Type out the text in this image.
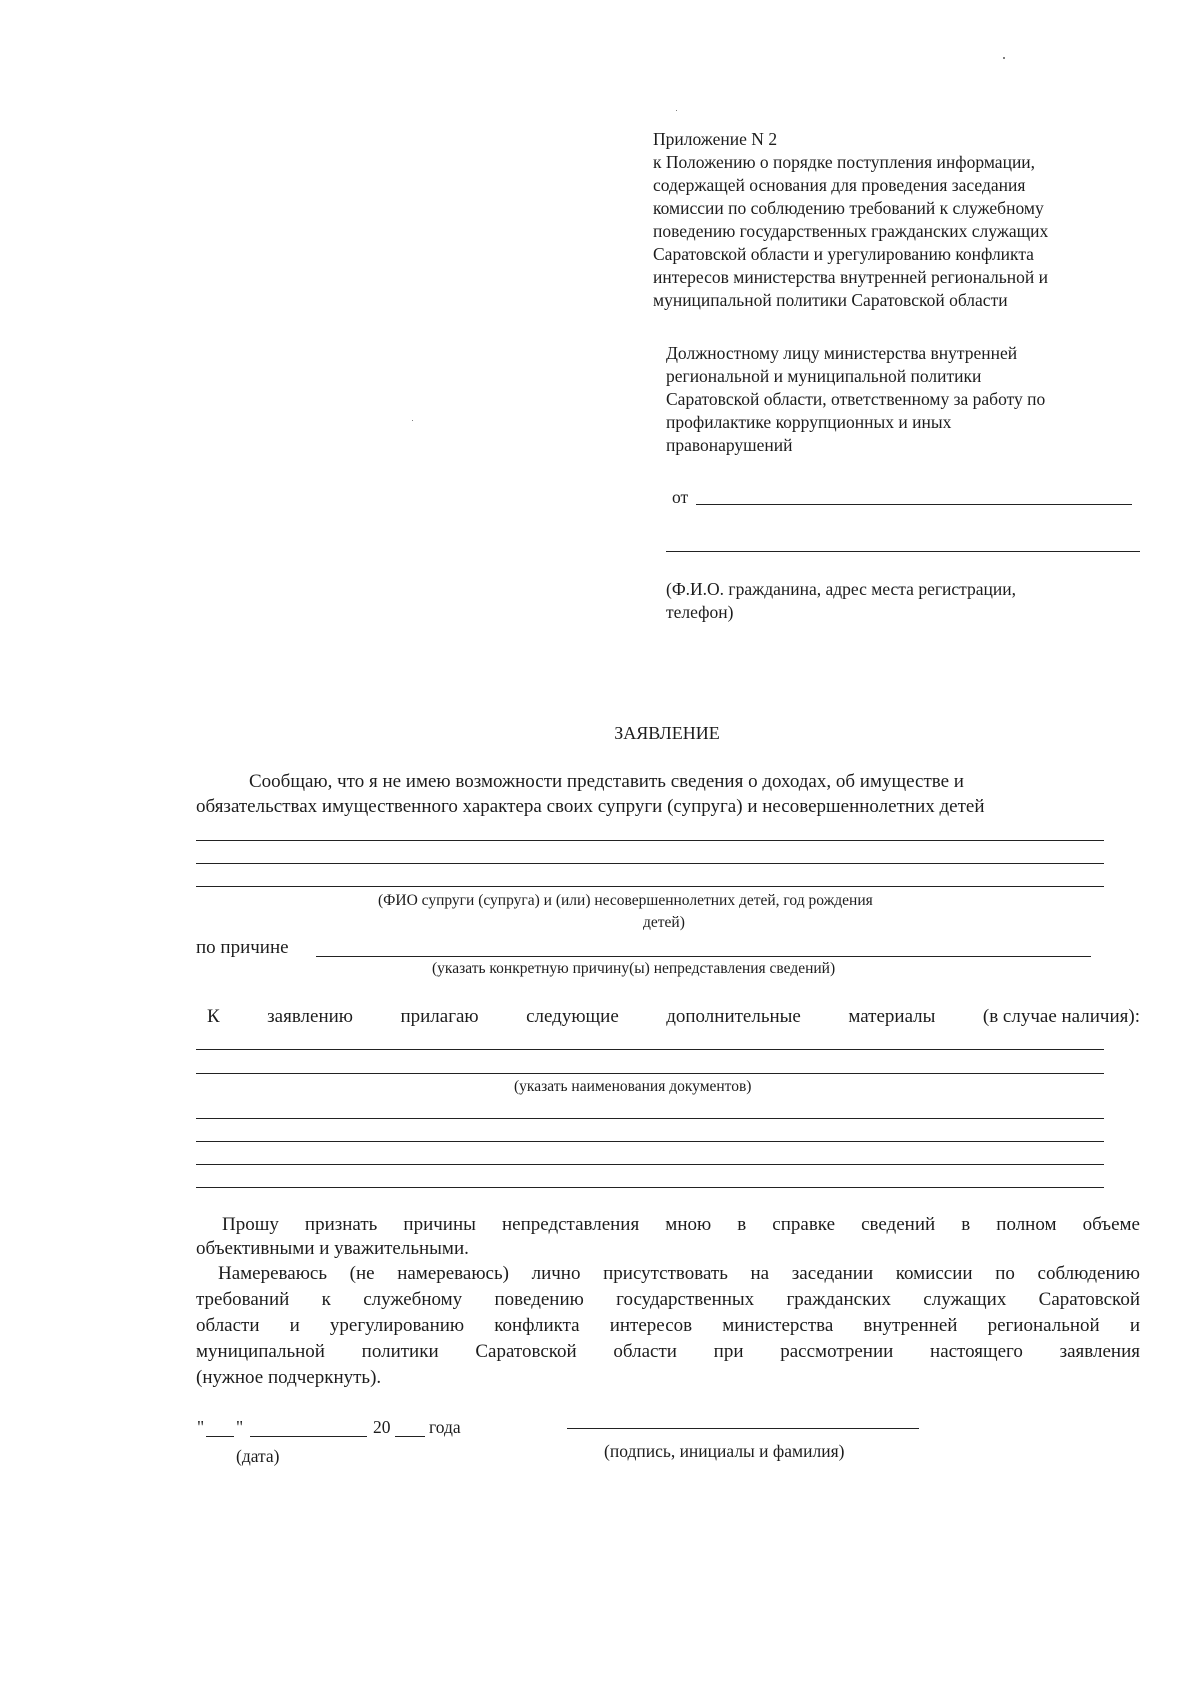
Приложение N 2
к Положению о порядке поступления информации,
содержащей основания для проведения заседания
комиссии по соблюдению требований к служебному
поведению государственных гражданских служащих
Саратовской области и урегулированию конфликта
интересов министерства внутренней региональной и
муниципальной политики Саратовской области
Должностному лицу министерства внутренней
региональной и муниципальной политики
Саратовской области, ответственному за работу по
профилактике коррупционных и иных
правонарушений
от
(Ф.И.О. гражданина, адрес места регистрации,
телефон)
ЗАЯВЛЕНИЕ
Сообщаю, что я не имею возможности представить сведения о доходах, об имуществе и
обязательствах имущественного характера своих супруги (супруга) и несовершеннолетних детей
(ФИО супруги (супруга) и (или) несовершеннолетних детей, год рождения
детей)
по причине
(указать конкретную причину(ы) непредставления сведений)
К заявлению прилагаю следующие дополнительные материалы (в случае наличия):
(указать наименования документов)
Прошу признать причины непредставления мною в справке сведений в полном объеме
объективными и уважительными.
Намереваюсь (не намереваюсь) лично присутствовать на заседании комиссии по соблюдению
требований к служебному поведению государственных гражданских служащих Саратовской
области и урегулированию конфликта интересов министерства внутренней региональной и
муниципальной политики Саратовской области при рассмотрении настоящего заявления
(нужное подчеркнуть).
" "	20 года
(дата)	(подпись, инициалы и фамилия)
